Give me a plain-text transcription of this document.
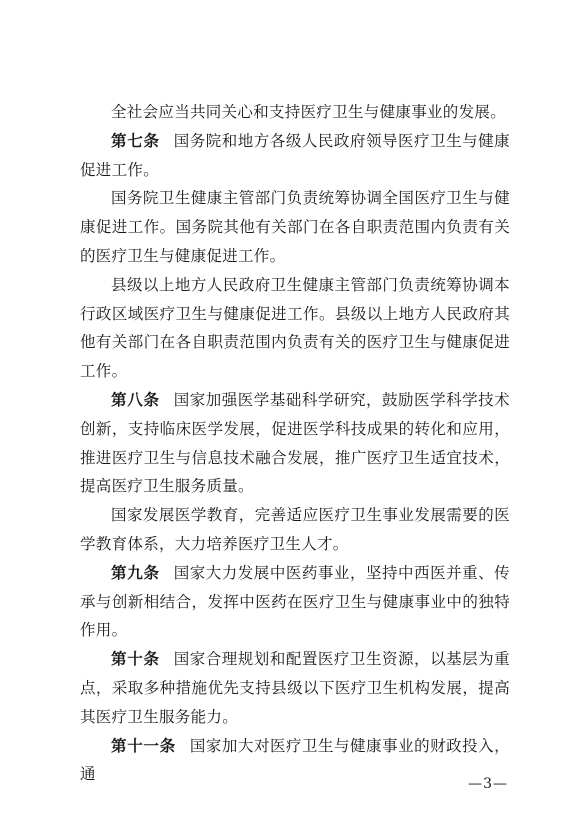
全社会应当共同关心和支持医疗卫生与健康事业的发展。

第七条 国务院和地方各级人民政府领导医疗卫生与健康促进工作。

国务院卫生健康主管部门负责统筹协调全国医疗卫生与健康促进工作。国务院其他有关部门在各自职责范围内负责有关的医疗卫生与健康促进工作。

县级以上地方人民政府卫生健康主管部门负责统筹协调本行政区域医疗卫生与健康促进工作。县级以上地方人民政府其他有关部门在各自职责范围内负责有关的医疗卫生与健康促进工作。

第八条 国家加强医学基础科学研究，鼓励医学科学技术创新，支持临床医学发展，促进医学科技成果的转化和应用，推进医疗卫生与信息技术融合发展，推广医疗卫生适宜技术，提高医疗卫生服务质量。

国家发展医学教育，完善适应医疗卫生事业发展需要的医学教育体系，大力培养医疗卫生人才。

第九条 国家大力发展中医药事业，坚持中西医并重、传承与创新相结合，发挥中医药在医疗卫生与健康事业中的独特作用。

第十条 国家合理规划和配置医疗卫生资源，以基层为重点，采取多种措施优先支持县级以下医疗卫生机构发展，提高其医疗卫生服务能力。

第十一条 国家加大对医疗卫生与健康事业的财政投入，通

—3—
